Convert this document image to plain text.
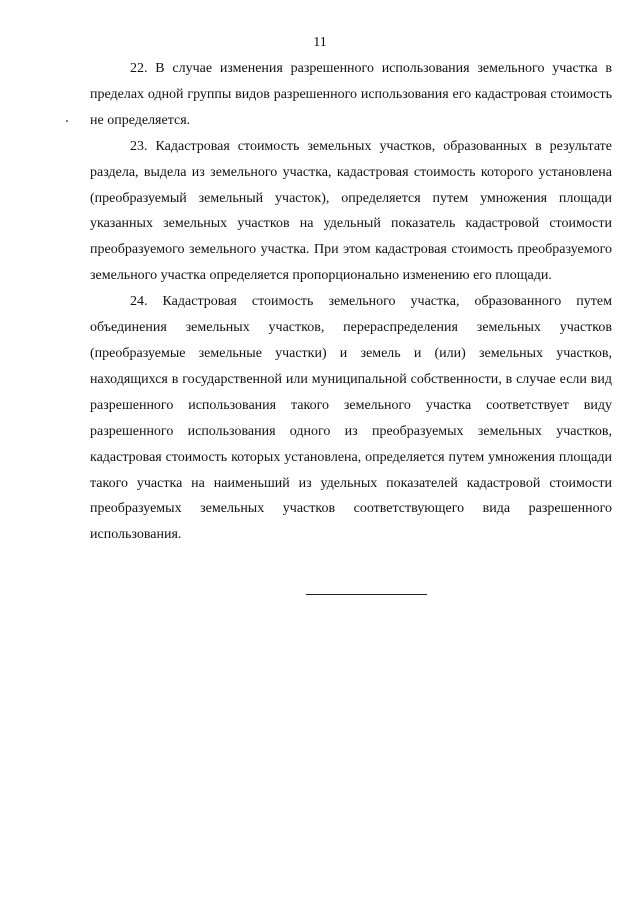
11

22. В случае изменения разрешенного использования земельного участка в пределах одной группы видов разрешенного использования его кадастровая стоимость не определяется.

23. Кадастровая стоимость земельных участков, образованных в результате раздела, выдела из земельного участка, кадастровая стоимость которого установлена (преобразуемый земельный участок), определяется путем умножения площади указанных земельных участков на удельный показатель кадастровой стоимости преобразуемого земельного участка. При этом кадастровая стоимость преобразуемого земельного участка определяется пропорционально изменению его площади.

24. Кадастровая стоимость земельного участка, образованного путем объединения земельных участков, перераспределения земельных участков (преобразуемые земельные участки) и земель и (или) земельных участков, находящихся в государственной или муниципальной собственности, в случае если вид разрешенного использования такого земельного участка соответствует виду разрешенного использования одного из преобразуемых земельных участков, кадастровая стоимость которых установлена, определяется путем умножения площади такого участка на наименьший из удельных показателей кадастровой стоимости преобразуемых земельных участков соответствующего вида разрешенного использования.
